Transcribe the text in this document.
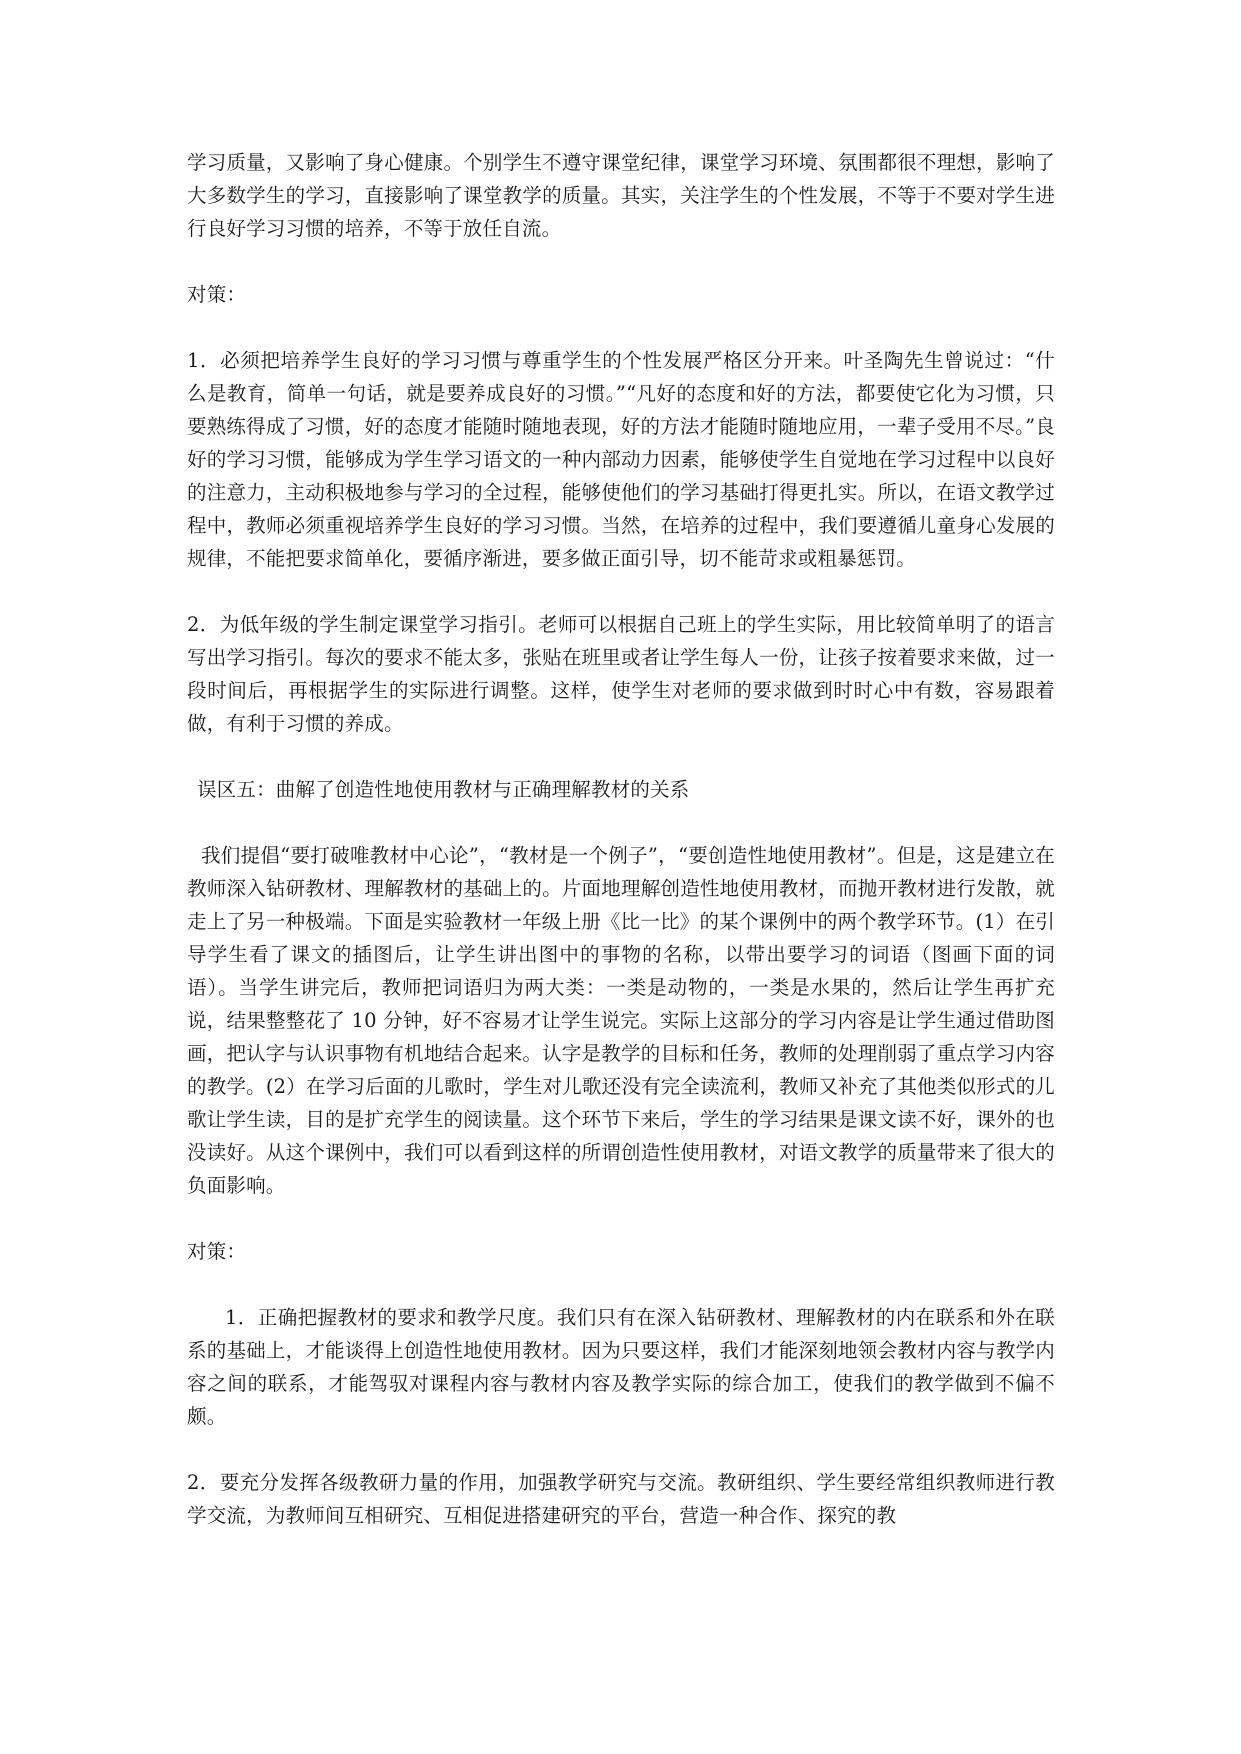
学习质量，又影响了身心健康。个别学生不遵守课堂纪律，课堂学习环境、氛围都很不理想，影响了大多数学生的学习，直接影响了课堂教学的质量。其实，关注学生的个性发展，不等于不要对学生进行良好学习习惯的培养，不等于放任自流。

对策：

1．必须把培养学生良好的学习习惯与尊重学生的个性发展严格区分开来。叶圣陶先生曾说过：“什么是教育，简单一句话，就是要养成良好的习惯。”“凡好的态度和好的方法，都要使它化为习惯，只要熟练得成了习惯，好的态度才能随时随地表现，好的方法才能随时随地应用，一辈子受用不尽。”良好的学习习惯，能够成为学生学习语文的一种内部动力因素，能够使学生自觉地在学习过程中以良好的注意力，主动积极地参与学习的全过程，能够使他们的学习基础打得更扎实。所以，在语文教学过程中，教师必须重视培养学生良好的学习习惯。当然，在培养的过程中，我们要遵循儿童身心发展的规律，不能把要求简单化，要循序渐进，要多做正面引导，切不能苛求或粗暴惩罚。

2．为低年级的学生制定课堂学习指引。老师可以根据自己班上的学生实际，用比较简单明了的语言写出学习指引。每次的要求不能太多，张贴在班里或者让学生每人一份，让孩子按着要求来做，过一段时间后，再根据学生的实际进行调整。这样，使学生对老师的要求做到时时心中有数，容易跟着做，有利于习惯的养成。

误区五：曲解了创造性地使用教材与正确理解教材的关系

我们提倡“要打破唯教材中心论”，“教材是一个例子”，“要创造性地使用教材”。但是，这是建立在教师深入钻研教材、理解教材的基础上的。片面地理解创造性地使用教材，而抛开教材进行发散，就走上了另一种极端。下面是实验教材一年级上册《比一比》的某个课例中的两个教学环节。(1）在引导学生看了课文的插图后，让学生讲出图中的事物的名称，以带出要学习的词语（图画下面的词语）。当学生讲完后，教师把词语归为两大类：一类是动物的，一类是水果的，然后让学生再扩充说，结果整整花了 10 分钟，好不容易才让学生说完。实际上这部分的学习内容是让学生通过借助图画，把认字与认识事物有机地结合起来。认字是教学的目标和任务，教师的处理削弱了重点学习内容的教学。(2）在学习后面的儿歌时，学生对儿歌还没有完全读流利，教师又补充了其他类似形式的儿歌让学生读，目的是扩充学生的阅读量。这个环节下来后，学生的学习结果是课文读不好，课外的也没读好。从这个课例中，我们可以看到这样的所谓创造性使用教材，对语文教学的质量带来了很大的负面影响。

对策：

1．正确把握教材的要求和教学尺度。我们只有在深入钻研教材、理解教材的内在联系和外在联系的基础上，才能谈得上创造性地使用教材。因为只要这样，我们才能深刻地领会教材内容与教学内容之间的联系，才能驾驭对课程内容与教材内容及教学实际的综合加工，使我们的教学做到不偏不颇。

2．要充分发挥各级教研力量的作用，加强教学研究与交流。教研组织、学生要经常组织教师进行教学交流，为教师间互相研究、互相促进搭建研究的平台，营造一种合作、探究的教
